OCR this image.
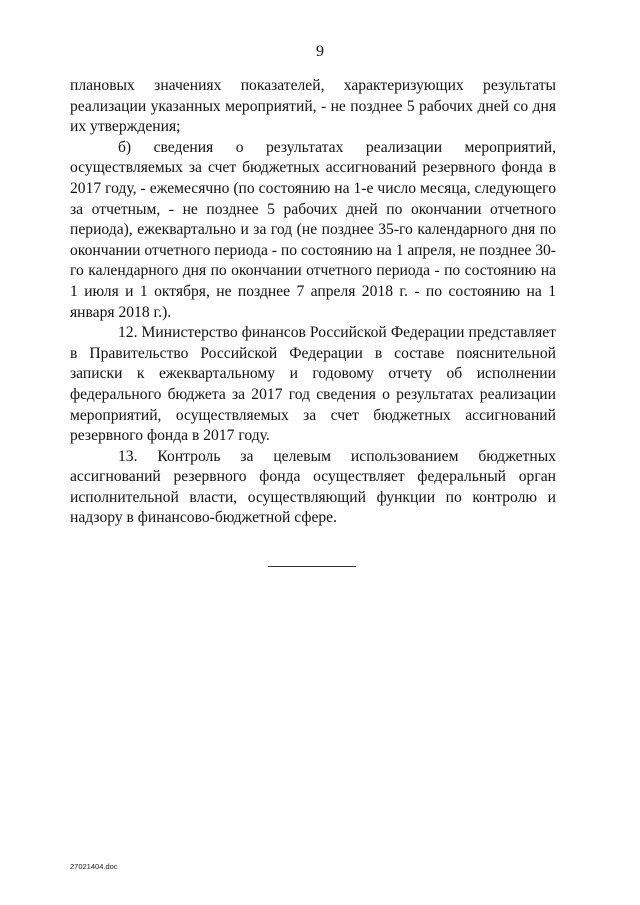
9

плановых значениях показателей, характеризующих результаты реализации указанных мероприятий, - не позднее 5 рабочих дней со дня их утверждения;

б) сведения о результатах реализации мероприятий, осуществляемых за счет бюджетных ассигнований резервного фонда в 2017 году, - ежемесячно (по состоянию на 1-е число месяца, следующего за отчетным, - не позднее 5 рабочих дней по окончании отчетного периода), ежеквартально и за год (не позднее 35-го календарного дня по окончании отчетного периода - по состоянию на 1 апреля, не позднее 30-го календарного дня по окончании отчетного периода - по состоянию на 1 июля и 1 октября, не позднее 7 апреля 2018 г. - по состоянию на 1 января 2018 г.).

12. Министерство финансов Российской Федерации представляет в Правительство Российской Федерации в составе пояснительной записки к ежеквартальному и годовому отчету об исполнении федерального бюджета за 2017 год сведения о результатах реализации мероприятий, осуществляемых за счет бюджетных ассигнований резервного фонда в 2017 году.

13. Контроль за целевым использованием бюджетных ассигнований резервного фонда осуществляет федеральный орган исполнительной власти, осуществляющий функции по контролю и надзору в финансово-бюджетной сфере.

27021404.doc
